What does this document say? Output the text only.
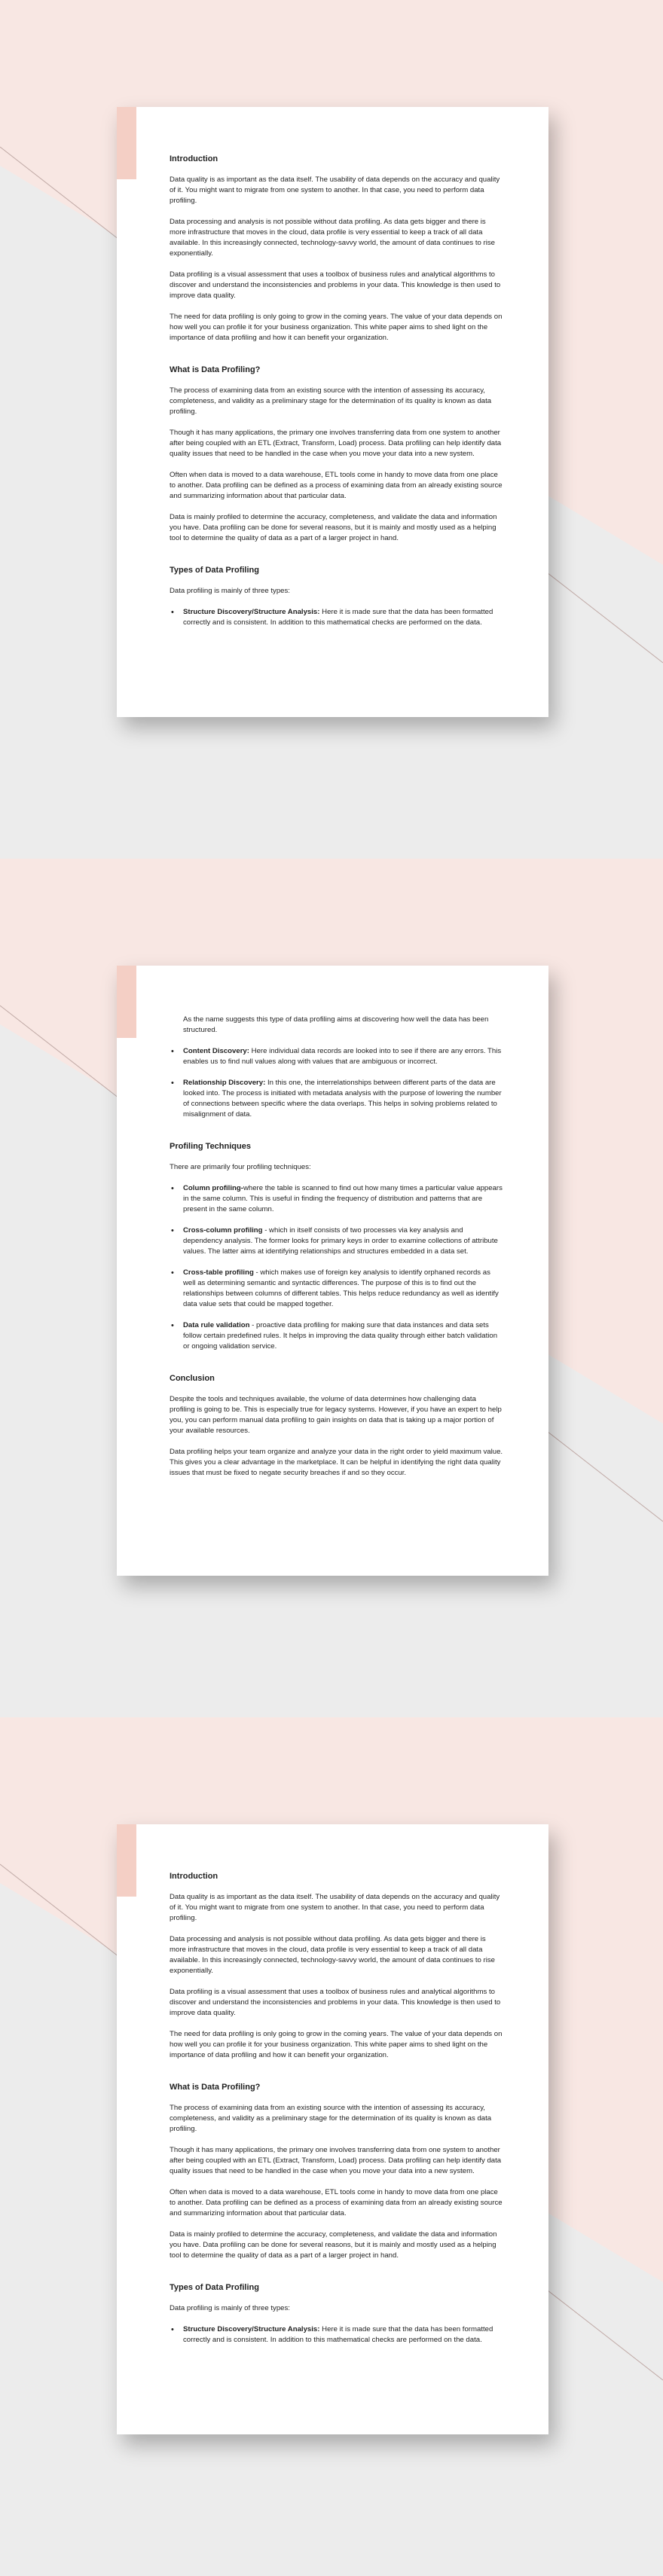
Introduction

Data quality is as important as the data itself. The usability of data depends on the accuracy and quality of it. You might want to migrate from one system to another. In that case, you need to perform data profiling.

Data processing and analysis is not possible without data profiling. As data gets bigger and there is more infrastructure that moves in the cloud, data profile is very essential to keep a track of all data available. In this increasingly connected, technology-savvy world, the amount of data continues to rise exponentially.

Data profiling is a visual assessment that uses a toolbox of business rules and analytical algorithms to discover and understand the inconsistencies and problems in your data. This knowledge is then used to improve data quality.

The need for data profiling is only going to grow in the coming years. The value of your data depends on how well you can profile it for your business organization. This white paper aims to shed light on the importance of data profiling and how it can benefit your organization.

What is Data Profiling?

The process of examining data from an existing source with the intention of assessing its accuracy, completeness, and validity as a preliminary stage for the determination of its quality is known as data profiling.

Though it has many applications, the primary one involves transferring data from one system to another after being coupled with an ETL (Extract, Transform, Load) process. Data profiling can help identify data quality issues that need to be handled in the case when you move your data into a new system.

Often when data is moved to a data warehouse, ETL tools come in handy to move data from one place to another. Data profiling can be defined as a process of examining data from an already existing source and summarizing information about that particular data.

Data is mainly profiled to determine the accuracy, completeness, and validate the data and information you have. Data profiling can be done for several reasons, but it is mainly and mostly used as a helping tool to determine the quality of data as a part of a larger project in hand.

Types of Data Profiling

Data profiling is mainly of three types:

• Structure Discovery/Structure Analysis: Here it is made sure that the data has been formatted correctly and is consistent. In addition to this mathematical checks are performed on the data.

As the name suggests this type of data profiling aims at discovering how well the data has been structured.

• Content Discovery: Here individual data records are looked into to see if there are any errors. This enables us to find null values along with values that are ambiguous or incorrect.
• Relationship Discovery: In this one, the interrelationships between different parts of the data are looked into. The process is initiated with metadata analysis with the purpose of lowering the number of connections between specific where the data overlaps. This helps in solving problems related to misalignment of data.
Profiling Techniques

There are primarily four profiling techniques:

• Column profiling-where the table is scanned to find out how many times a particular value appears in the same column. This is useful in finding the frequency of distribution and patterns that are present in the same column.
• Cross-column profiling - which in itself consists of two processes via key analysis and dependency analysis. The former looks for primary keys in order to examine collections of attribute values. The latter aims at identifying relationships and structures embedded in a data set.
• Cross-table profiling - which makes use of foreign key analysis to identify orphaned records as well as determining semantic and syntactic differences. The purpose of this is to find out the relationships between columns of different tables. This helps reduce redundancy as well as identify data value sets that could be mapped together.
• Data rule validation - proactive data profiling for making sure that data instances and data sets follow certain predefined rules. It helps in improving the data quality through either batch validation or ongoing validation service.
Conclusion

Despite the tools and techniques available, the volume of data determines how challenging data profiling is going to be. This is especially true for legacy systems. However, if you have an expert to help you, you can perform manual data profiling to gain insights on data that is taking up a major portion of your available resources.

Data profiling helps your team organize and analyze your data in the right order to yield maximum value. This gives you a clear advantage in the marketplace. It can be helpful in identifying the right data quality issues that must be fixed to negate security breaches if and so they occur.

Introduction

Data quality is as important as the data itself. The usability of data depends on the accuracy and quality of it. You might want to migrate from one system to another. In that case, you need to perform data profiling.

Data processing and analysis is not possible without data profiling. As data gets bigger and there is more infrastructure that moves in the cloud, data profile is very essential to keep a track of all data available. In this increasingly connected, technology-savvy world, the amount of data continues to rise exponentially.

Data profiling is a visual assessment that uses a toolbox of business rules and analytical algorithms to discover and understand the inconsistencies and problems in your data. This knowledge is then used to improve data quality.

The need for data profiling is only going to grow in the coming years. The value of your data depends on how well you can profile it for your business organization. This white paper aims to shed light on the importance of data profiling and how it can benefit your organization.

What is Data Profiling?

The process of examining data from an existing source with the intention of assessing its accuracy, completeness, and validity as a preliminary stage for the determination of its quality is known as data profiling.

Though it has many applications, the primary one involves transferring data from one system to another after being coupled with an ETL (Extract, Transform, Load) process. Data profiling can help identify data quality issues that need to be handled in the case when you move your data into a new system.

Often when data is moved to a data warehouse, ETL tools come in handy to move data from one place to another. Data profiling can be defined as a process of examining data from an already existing source and summarizing information about that particular data.

Data is mainly profiled to determine the accuracy, completeness, and validate the data and information you have. Data profiling can be done for several reasons, but it is mainly and mostly used as a helping tool to determine the quality of data as a part of a larger project in hand.

Types of Data Profiling

Data profiling is mainly of three types:

• Structure Discovery/Structure Analysis: Here it is made sure that the data has been formatted correctly and is consistent. In addition to this mathematical checks are performed on the data.
